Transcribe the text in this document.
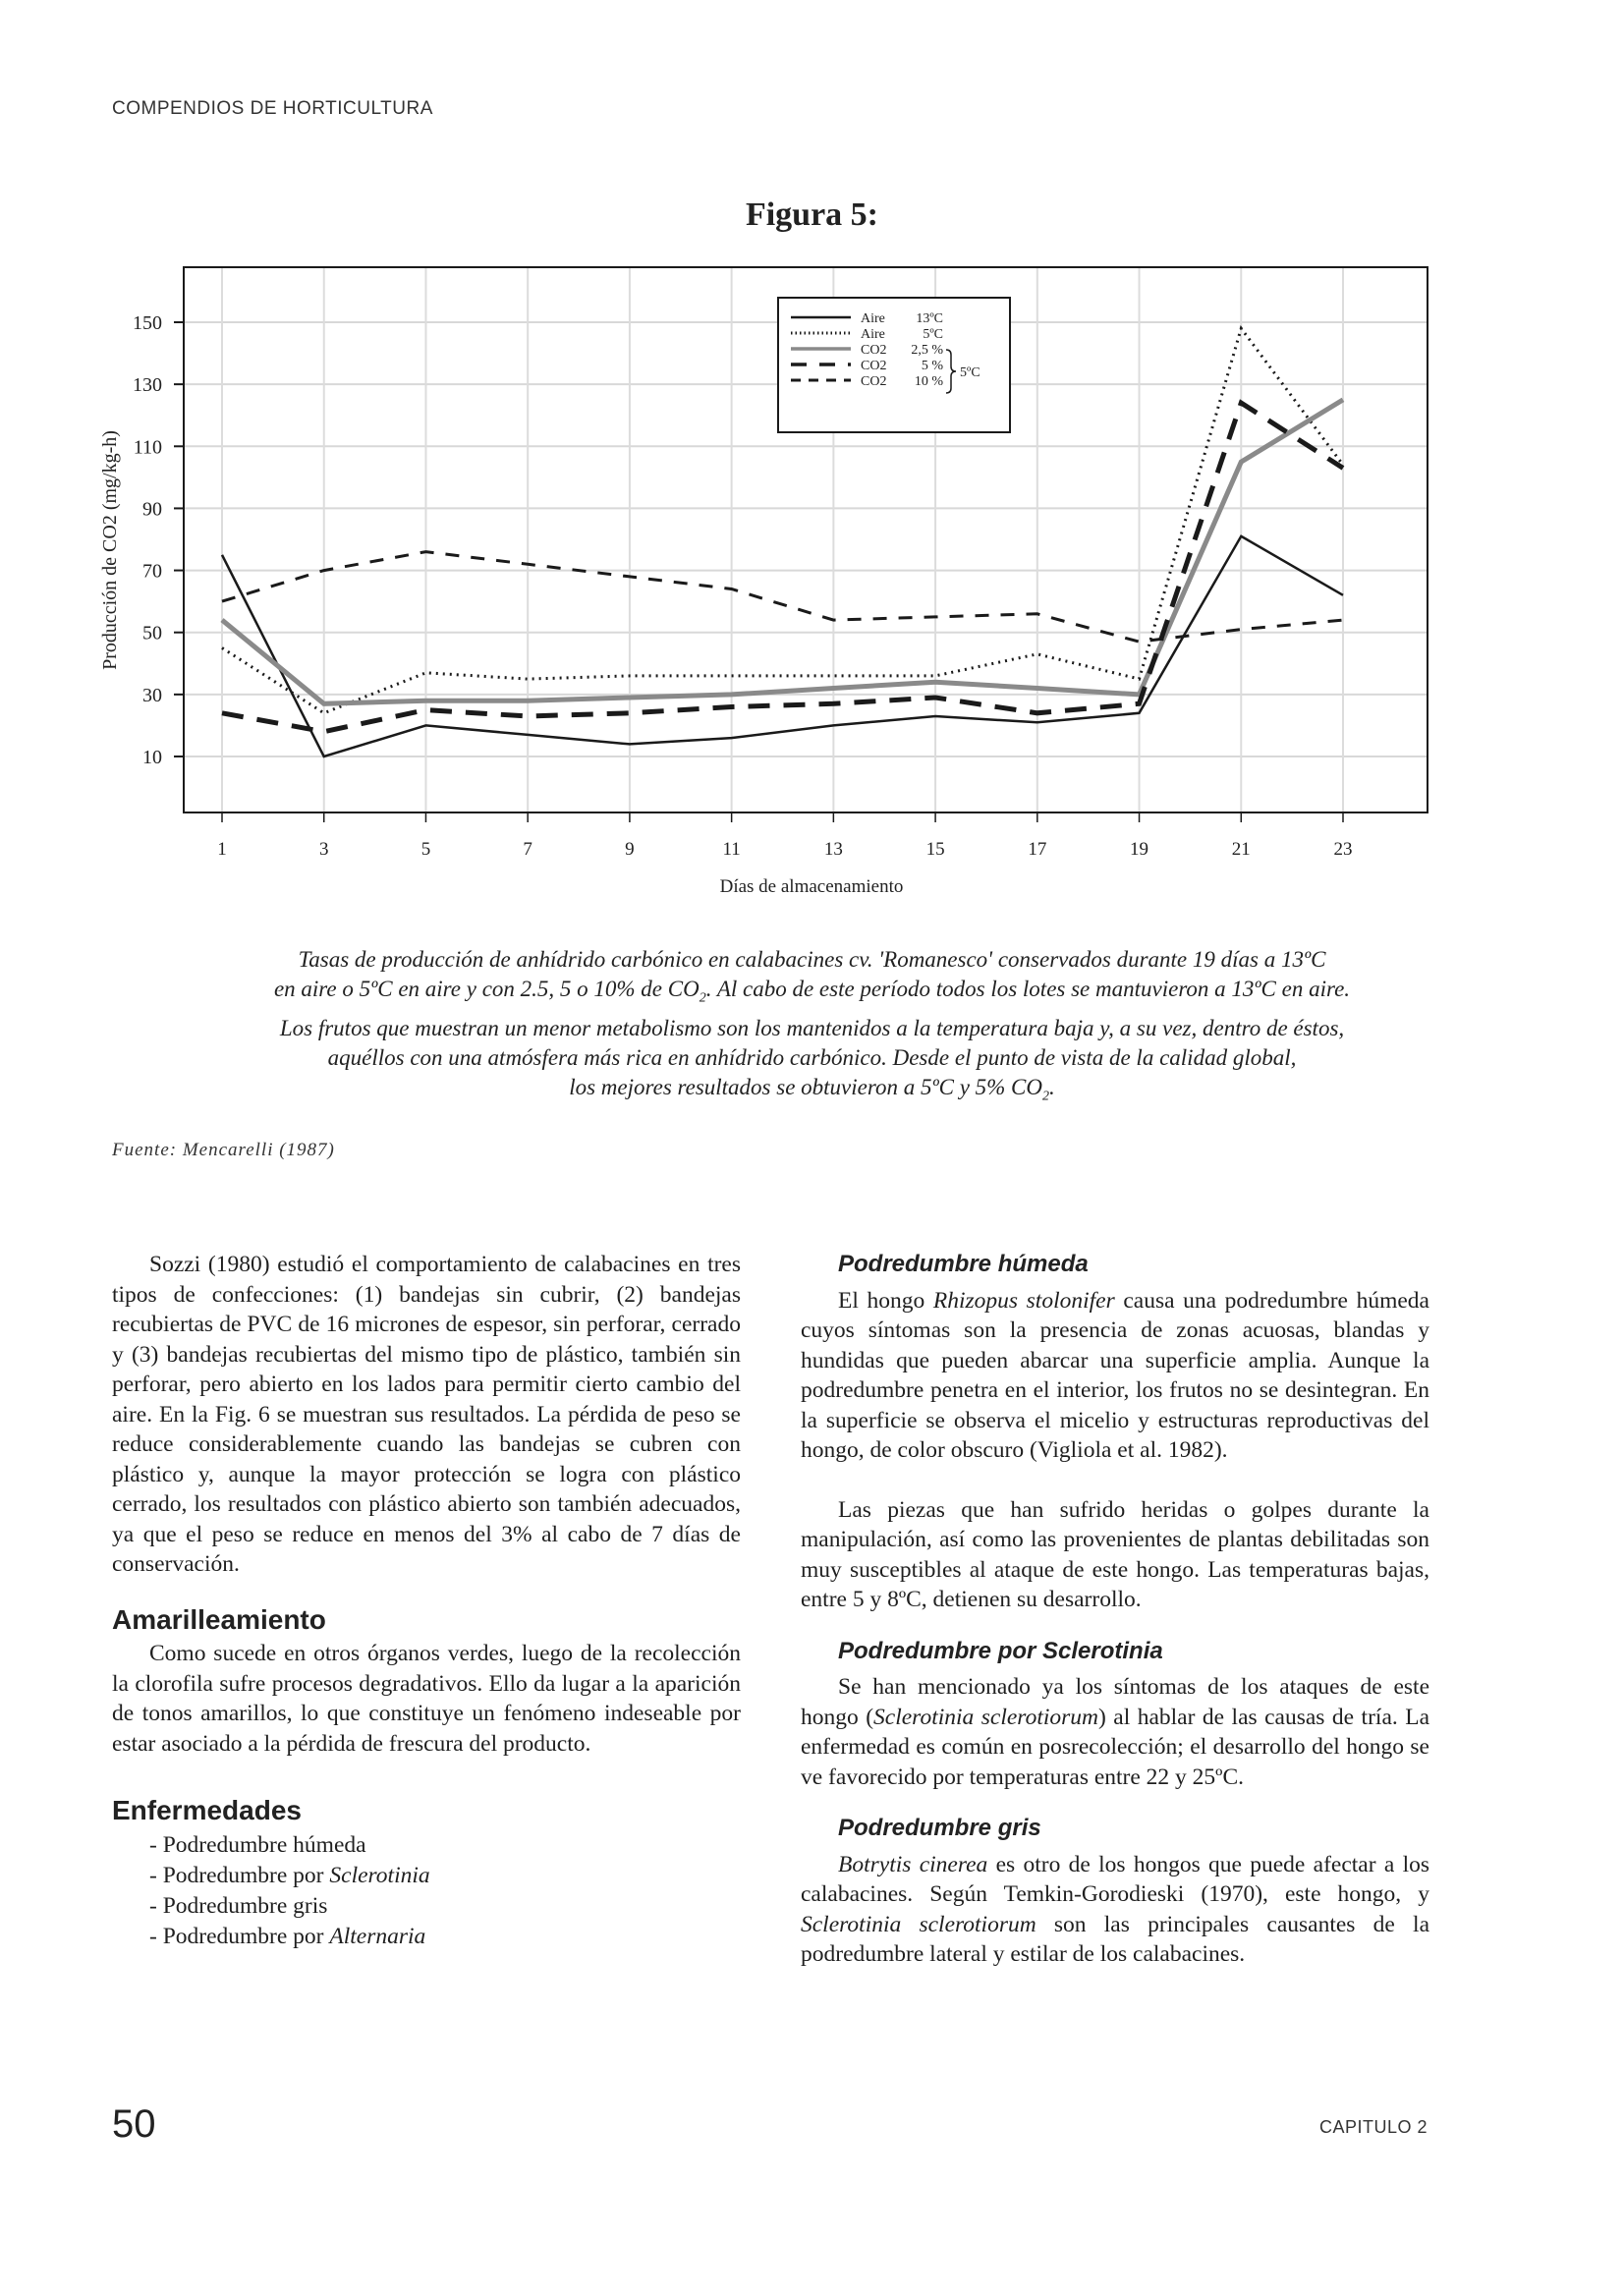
COMPENDIOS DE HORTICULTURA
Figura 5:
10
30
50
70
90
110
130
150
Producción de CO2 (mg/kg-h)
1	3	5	7	9	11	13	15	17	19	21	23
Días de almacenamiento
Aire 13ºC
Aire	5ºC
CO2 2,5 %
CO2	5 %
CO2 10 %
5ºC
Tasas de producción de anhídrido carbónico en calabacines cv. 'Romanesco' conservados durante 19 días a 13ºC
en aire o 5ºC en aire y con 2.5, 5 o 10% de $CO_2$. Al cabo de este período todos los lotes se mantuvieron a 13ºC en aire.
Los frutos que muestran un menor metabolismo son los mantenidos a la temperatura baja y, a su vez, dentro de éstos,
aquéllos con una atmósfera más rica en anhídrido carbónico. Desde el punto de vista de la calidad global,
los mejores resultados se obtuvieron a 5ºC y 5% $CO_2$.
Fuente: Mencarelli (1987)

Sozzi (1980) estudió el comportamiento de calabacines en tres tipos de confecciones: (1) bandejas sin cubrir, (2) bandejas recubiertas de PVC de 16 micrones de espesor, sin perforar, cerrado y (3) bandejas recubiertas del mismo tipo de plástico, también sin perforar, pero abierto en los lados para permitir cierto cambio del aire. En la Fig. 6 se muestran sus resultados. La pérdida de peso se reduce considerablemente cuando las bandejas se cubren con plástico y, aunque la mayor protección se logra con plástico cerrado, los resultados con plástico abierto son también adecuados, ya que el peso se reduce en menos del 3% al cabo de 7 días de conservación.

Amarilleamiento

Como sucede en otros órganos verdes, luego de la recolección la clorofila sufre procesos degradativos. Ello da lugar a la aparición de tonos amarillos, lo que constituye un fenómeno indeseable por estar asociado a la pérdida de frescura del producto.

Enfermedades
- Podredumbre húmeda
- Podredumbre por Sclerotinia
- Podredumbre gris
- Podredumbre por Alternaria
Podredumbre húmeda

El hongo Rhizopus stolonifer causa una podredumbre húmeda cuyos síntomas son la presencia de zonas acuosas, blandas y hundidas que pueden abarcar una superficie amplia. Aunque la podredumbre penetra en el interior, los frutos no se desintegran. En la superficie se observa el micelio y estructuras reproductivas del hongo, de color obscuro (Vigliola et al. 1982).

Las piezas que han sufrido heridas o golpes durante la manipulación, así como las provenientes de plantas debilitadas son muy susceptibles al ataque de este hongo. Las temperaturas bajas, entre 5 y 8ºC, detienen su desarrollo.

Podredumbre por Sclerotinia

Se han mencionado ya los síntomas de los ataques de este hongo (Sclerotinia sclerotiorum) al hablar de las causas de tría. La enfermedad es común en posrecolección; el desarrollo del hongo se ve favorecido por temperaturas entre 22 y 25ºC.

Podredumbre gris

Botrytis cinerea es otro de los hongos que puede afectar a los calabacines. Según Temkin-Gorodieski (1970), este hongo, y Sclerotinia sclerotiorum son las principales causantes de la podredumbre lateral y estilar de los calabacines.

50	CAPITULO 2
